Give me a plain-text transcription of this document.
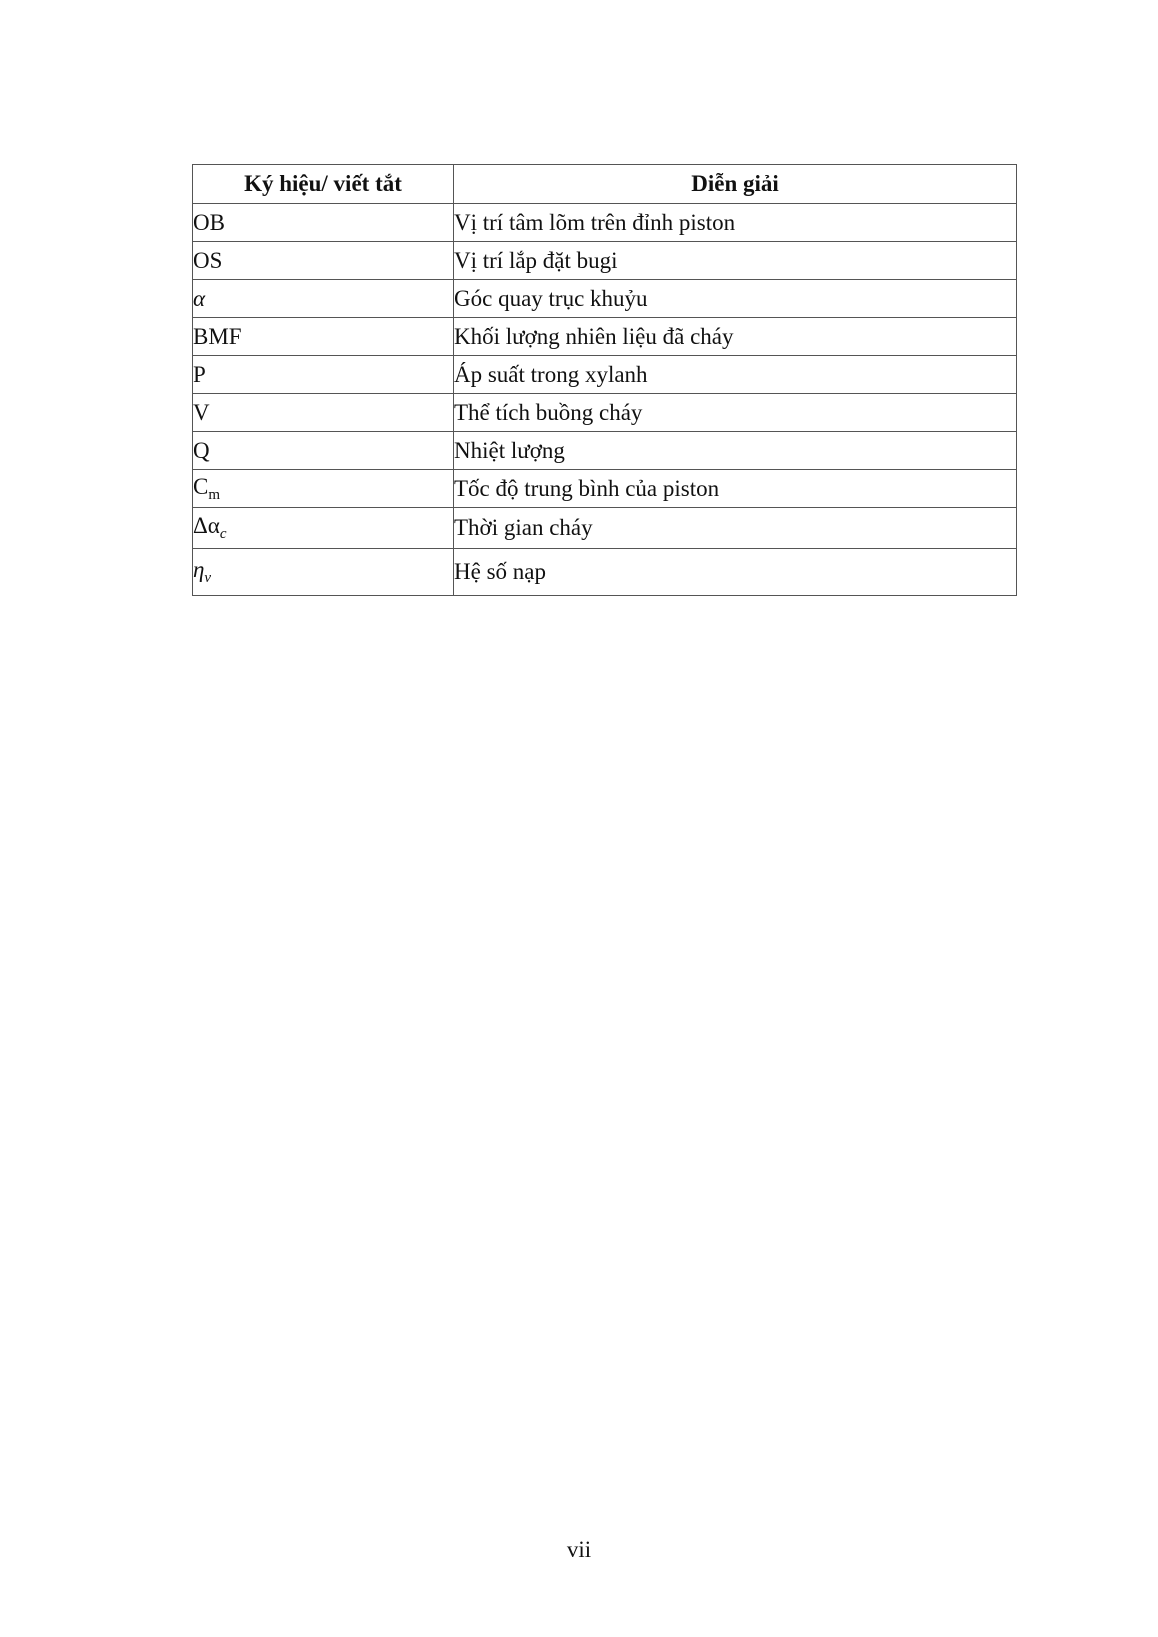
Ký hiệu/ viết tắt	Diễn giải
OB	Vị trí tâm lõm trên đỉnh piston
OS	Vị trí lắp đặt bugi
α	Góc quay trục khuỷu
BMF	Khối lượng nhiên liệu đã cháy
P	Áp suất trong xylanh
V	Thể tích buồng cháy
Q	Nhiệt lượng
$C_m$	Tốc độ trung bình của piston
$\Delta\alpha_c$	Thời gian cháy
$\eta_v$	Hệ số nạp
vii
